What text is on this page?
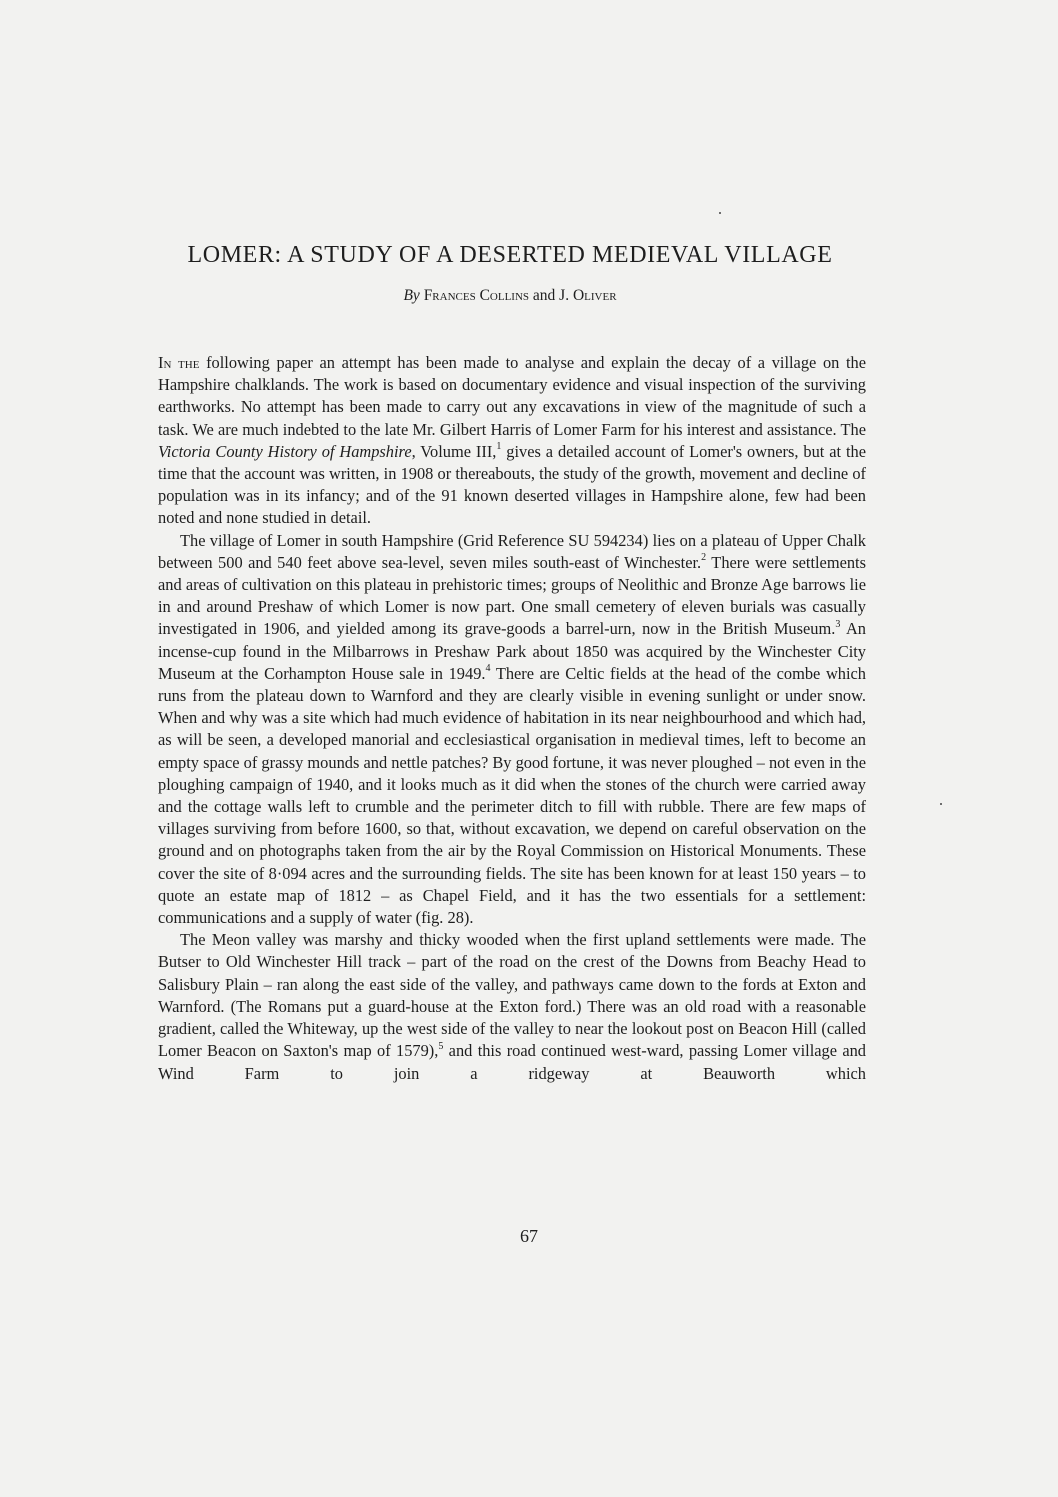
LOMER: A STUDY OF A DESERTED MEDIEVAL VILLAGE
By Frances Collins and J. Oliver

In the following paper an attempt has been made to analyse and explain the decay of a village on the Hampshire chalklands. The work is based on documentary evidence and visual inspection of the surviving earthworks. No attempt has been made to carry out any excavations in view of the magnitude of such a task. We are much indebted to the late Mr. Gilbert Harris of Lomer Farm for his interest and assistance. The Victoria County History of Hampshire, Volume III,$^1$ gives a detailed account of Lomer's owners, but at the time that the account was written, in 1908 or thereabouts, the study of the growth, movement and decline of population was in its infancy; and of the 91 known deserted villages in Hampshire alone, few had been noted and none studied in detail.

The village of Lomer in south Hampshire (Grid Reference SU 594234) lies on a plateau of Upper Chalk between 500 and 540 feet above sea-level, seven miles south-east of Winchester.$^2$ There were settlements and areas of cultivation on this plateau in prehistoric times; groups of Neolithic and Bronze Age barrows lie in and around Preshaw of which Lomer is now part. One small cemetery of eleven burials was casually investigated in 1906, and yielded among its grave-goods a barrel-urn, now in the British Museum.$^3$ An incense-cup found in the Milbarrows in Preshaw Park about 1850 was acquired by the Winchester City Museum at the Corhampton House sale in 1949.$^4$ There are Celtic fields at the head of the combe which runs from the plateau down to Warnford and they are clearly visible in evening sunlight or under snow. When and why was a site which had much evidence of habitation in its near neighbourhood and which had, as will be seen, a developed manorial and ecclesiastical organisation in medieval times, left to become an empty space of grassy mounds and nettle patches? By good fortune, it was never ploughed – not even in the ploughing campaign of 1940, and it looks much as it did when the stones of the church were carried away and the cottage walls left to crumble and the perimeter ditch to fill with rubble. There are few maps of villages surviving from before 1600, so that, without excavation, we depend on careful observation on the ground and on photographs taken from the air by the Royal Commission on Historical Monuments. These cover the site of 8·094 acres and the surrounding fields. The site has been known for at least 150 years – to quote an estate map of 1812 – as Chapel Field, and it has the two essentials for a settlement: communications and a supply of water (fig. 28).

The Meon valley was marshy and thicky wooded when the first upland settlements were made. The Butser to Old Winchester Hill track – part of the road on the crest of the Downs from Beachy Head to Salisbury Plain – ran along the east side of the valley, and pathways came down to the fords at Exton and Warnford. (The Romans put a guard-house at the Exton ford.) There was an old road with a reasonable gradient, called the Whiteway, up the west side of the valley to near the lookout post on Beacon Hill (called Lomer Beacon on Saxton's map of 1579),$^5$ and this road continued west-ward, passing Lomer village and Wind Farm to join a ridgeway at Beauworth which

67
